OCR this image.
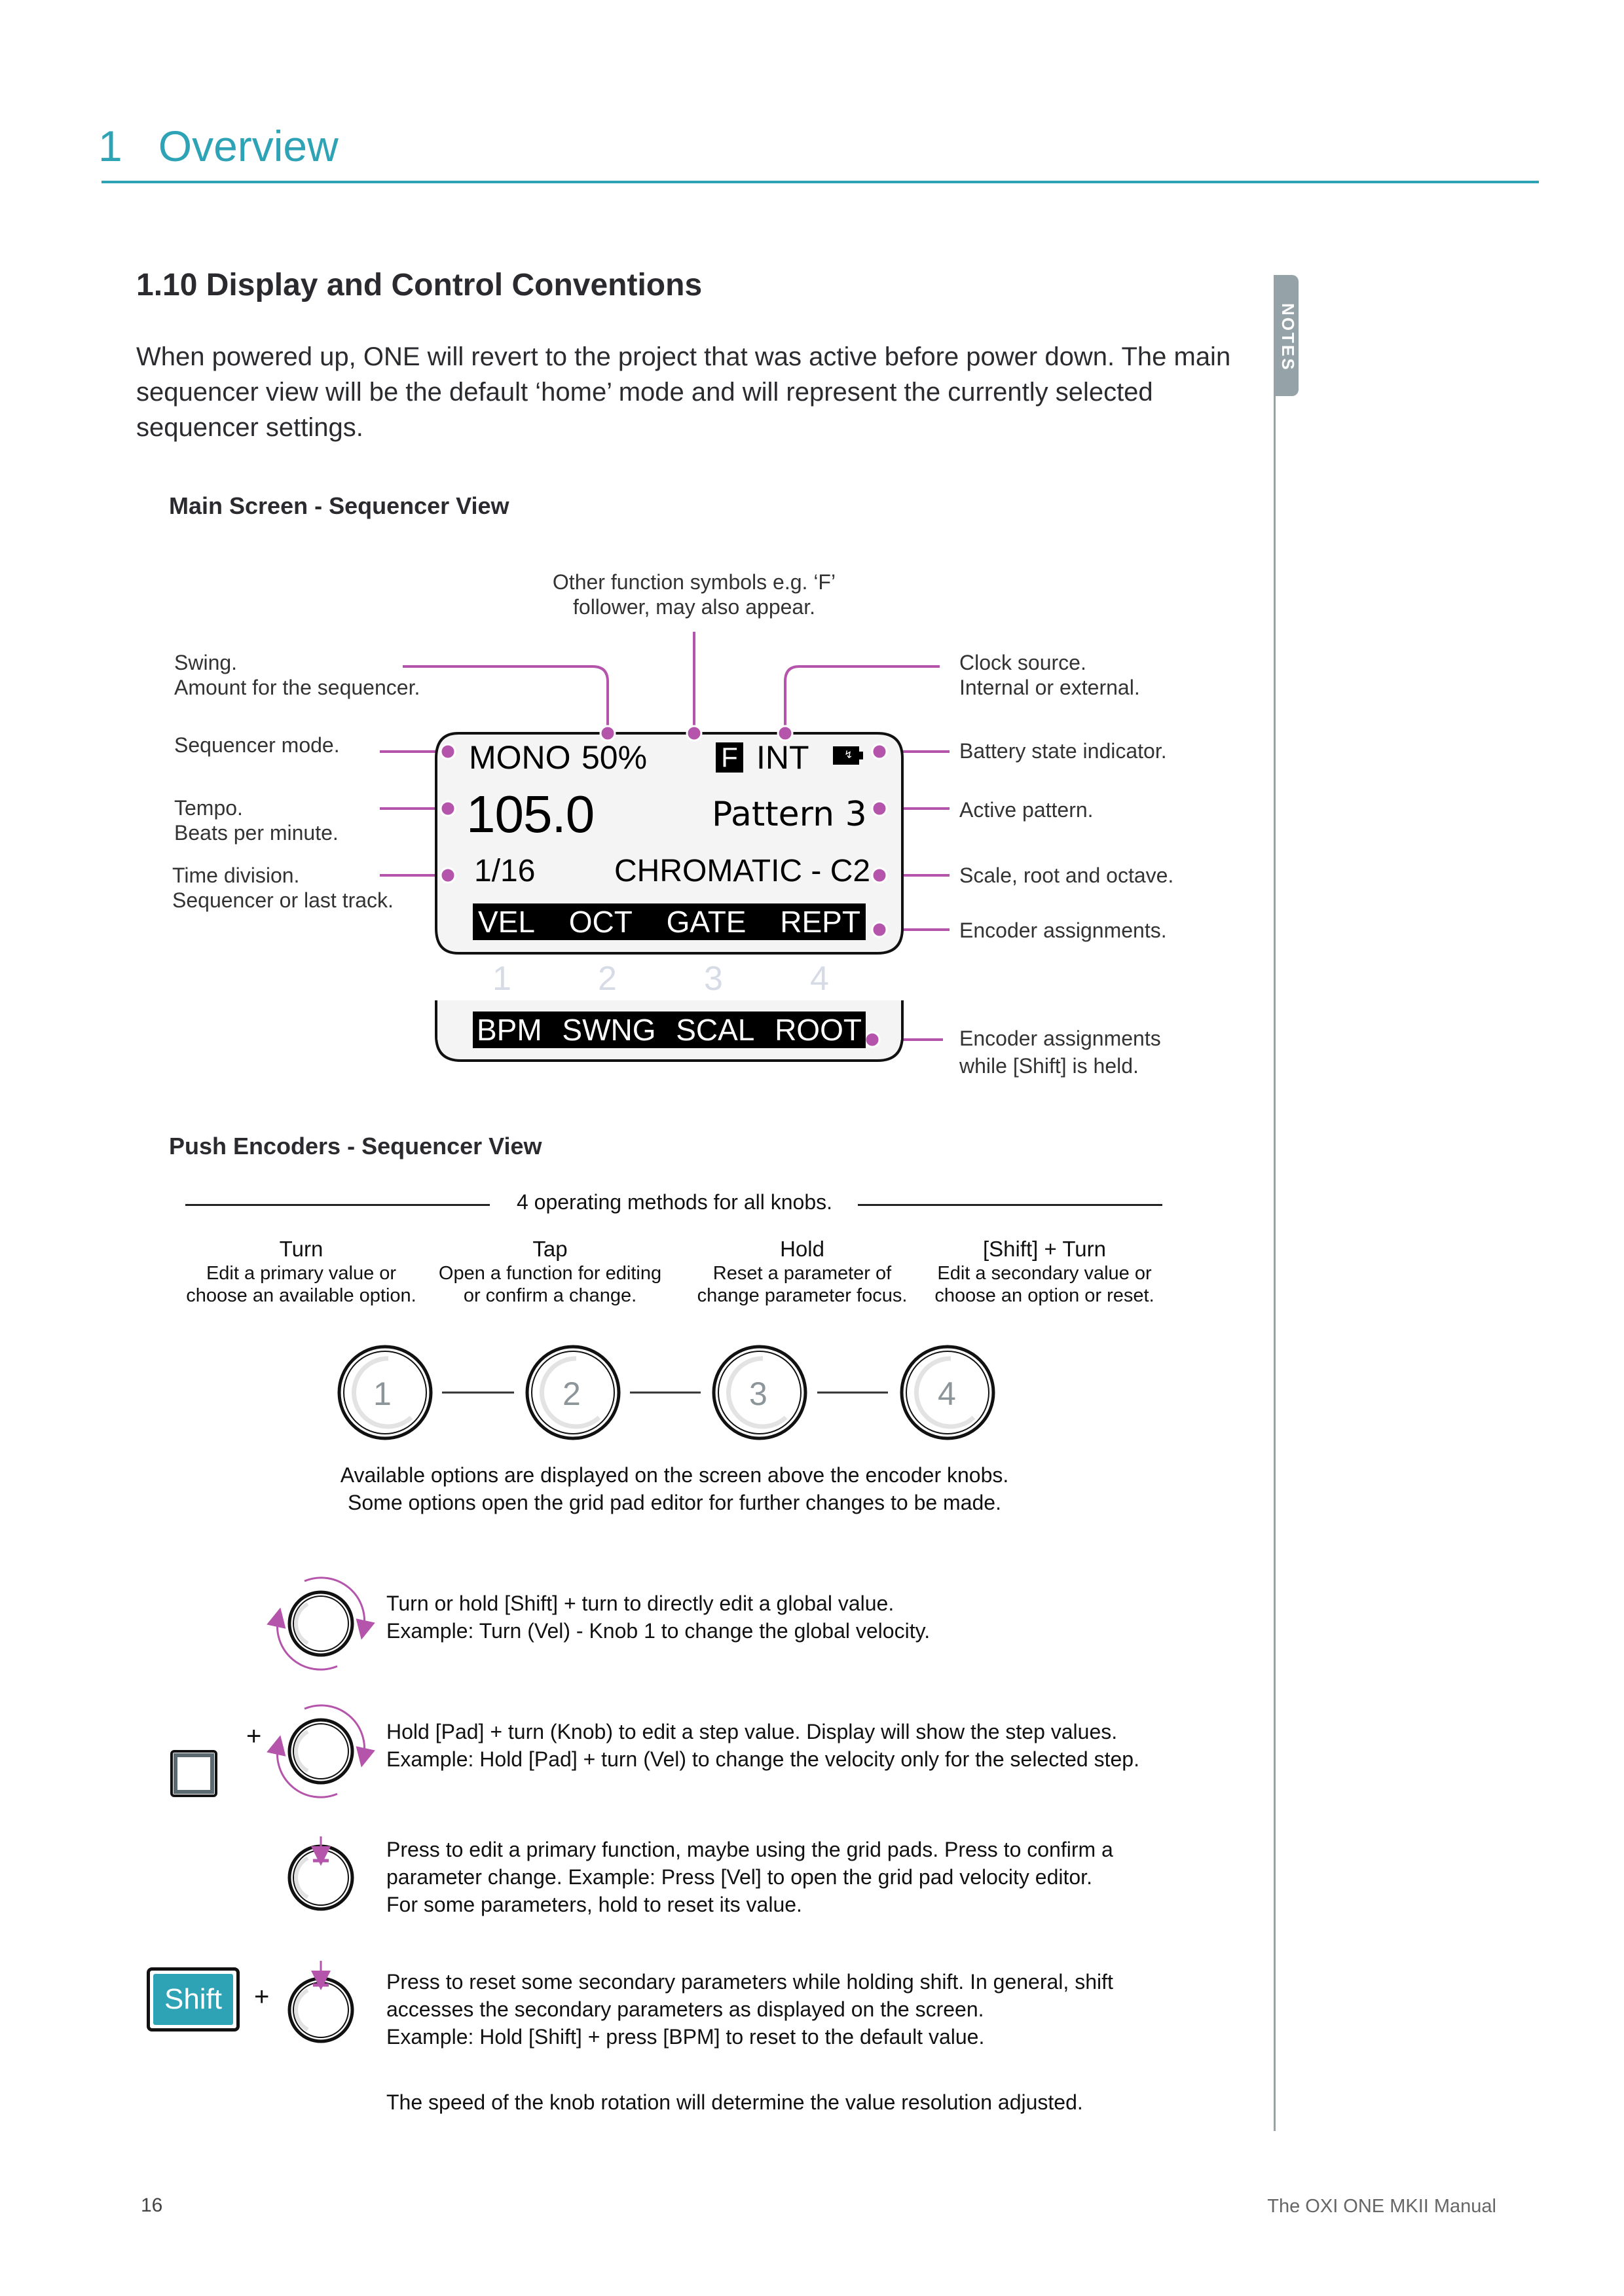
1 Overview
1.10 Display and Control Conventions
When powered up, ONE will revert to the project that was active before power down. The main sequencer view will be the default ‘home’ mode and will represent the currently selected sequencer settings.
NOTES
Main Screen - Sequencer View
MONO 50%	F INT	↯
105.0	Pattern 3
1/16	CHROMATIC - C2
VEL OCT GATE REPT
1	2	3	4
BPM SWNG SCAL ROOT
Other function symbols e.g. ‘F’
follower, may also appear.
Swing.
Amount for the sequencer.
Sequencer mode.
Tempo.
Beats per minute.
Time division.
Sequencer or last track.
Clock source.
Internal or external.
Battery state indicator.
Active pattern.
Scale, root and octave.
Encoder assignments.
Encoder assignments
while [Shift] is held.
Push Encoders - Sequencer View
4 operating methods for all knobs.
Turn
Edit a primary value or
choose an available option.
Tap
Open a function for editing
or confirm a change.
Hold
Reset a parameter of
change parameter focus.
[Shift] + Turn
Edit a secondary value or
choose an option or reset.
1	2	3	4
Available options are displayed on the screen above the encoder knobs.
Some options open the grid pad editor for further changes to be made.
+
Shift	+
Turn or hold [Shift] + turn to directly edit a global value.
Example: Turn (Vel) - Knob 1 to change the global velocity.
Hold [Pad] + turn (Knob) to edit a step value. Display will show the step values.
Example: Hold [Pad] + turn (Vel) to change the velocity only for the selected step.
Press to edit a primary function, maybe using the grid pads. Press to confirm a
parameter change. Example: Press [Vel] to open the grid pad velocity editor.
For some parameters, hold to reset its value.
Press to reset some secondary parameters while holding shift. In general, shift
accesses the secondary parameters as displayed on the screen.
Example: Hold [Shift] + press [BPM] to reset to the default value.
The speed of the knob rotation will determine the value resolution adjusted.
16	The OXI ONE MKII Manual
